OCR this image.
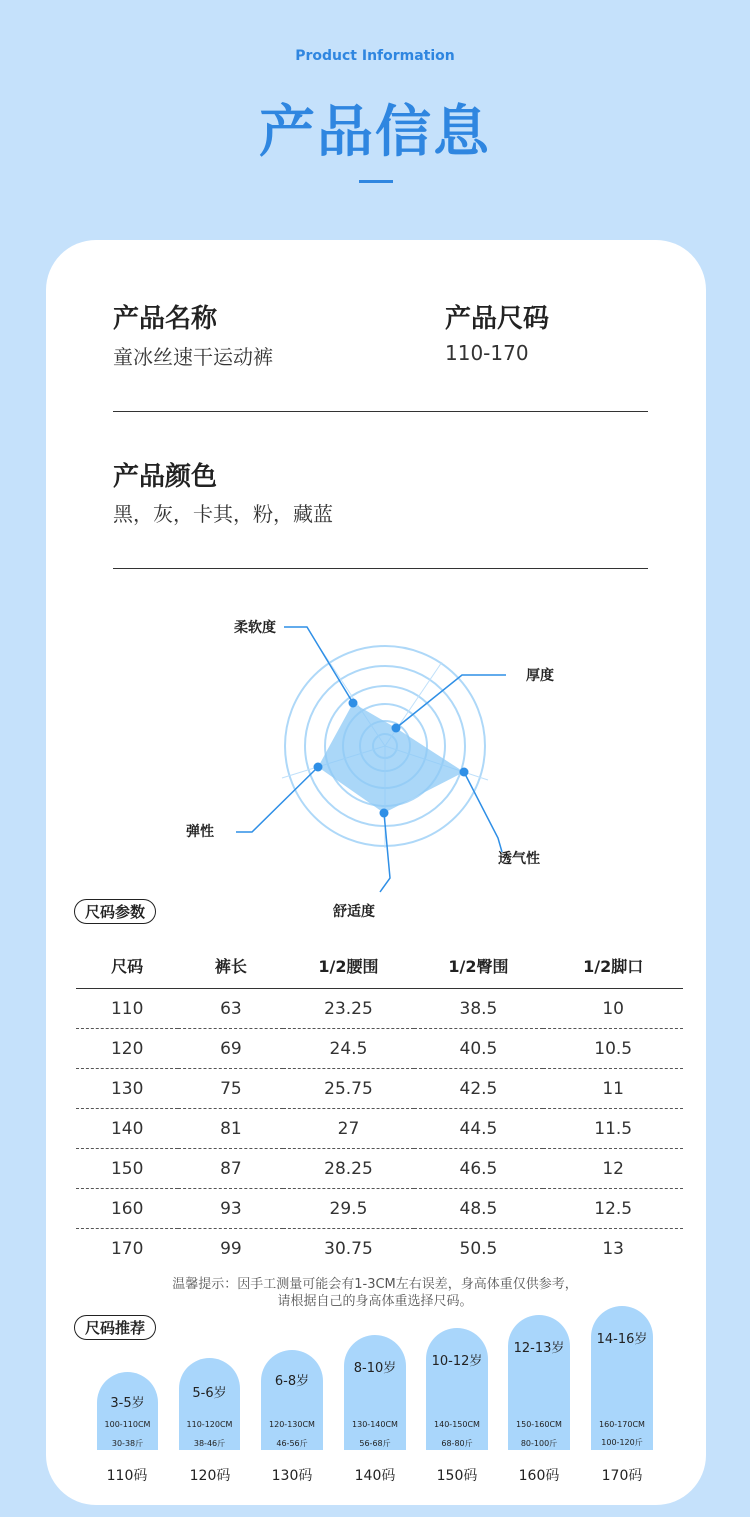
Product Information
产品信息
产品名称
童冰丝速干运动裤
产品尺码
110-170
产品颜色
黑，灰，卡其，粉，藏蓝
柔软度
厚度
透气性
舒适度
弹性
尺码参数
尺码	裤长	1/2腰围	1/2臀围	1/2脚口
110	63	23.25	38.5	10
120	69	24.5	40.5	10.5
130	75	25.75	42.5	11
140	81	27	44.5	11.5
150	87	28.25	46.5	12
160	93	29.5	48.5	12.5
170	99	30.75	50.5	13
温馨提示：因手工测量可能会有1-3CM左右误差，身高体重仅供参考，
请根据自己的身高体重选择尺码。
尺码推荐
3-5岁
100-110CM
30-38斤
5-6岁
110-120CM
38-46斤
6-8岁
120-130CM
46-56斤
8-10岁
130-140CM
56-68斤
10-12岁
140-150CM
68-80斤
12-13岁
150-160CM
80-100斤
14-16岁
160-170CM
100-120斤
110码	120码	130码	140码	150码	160码	170码
